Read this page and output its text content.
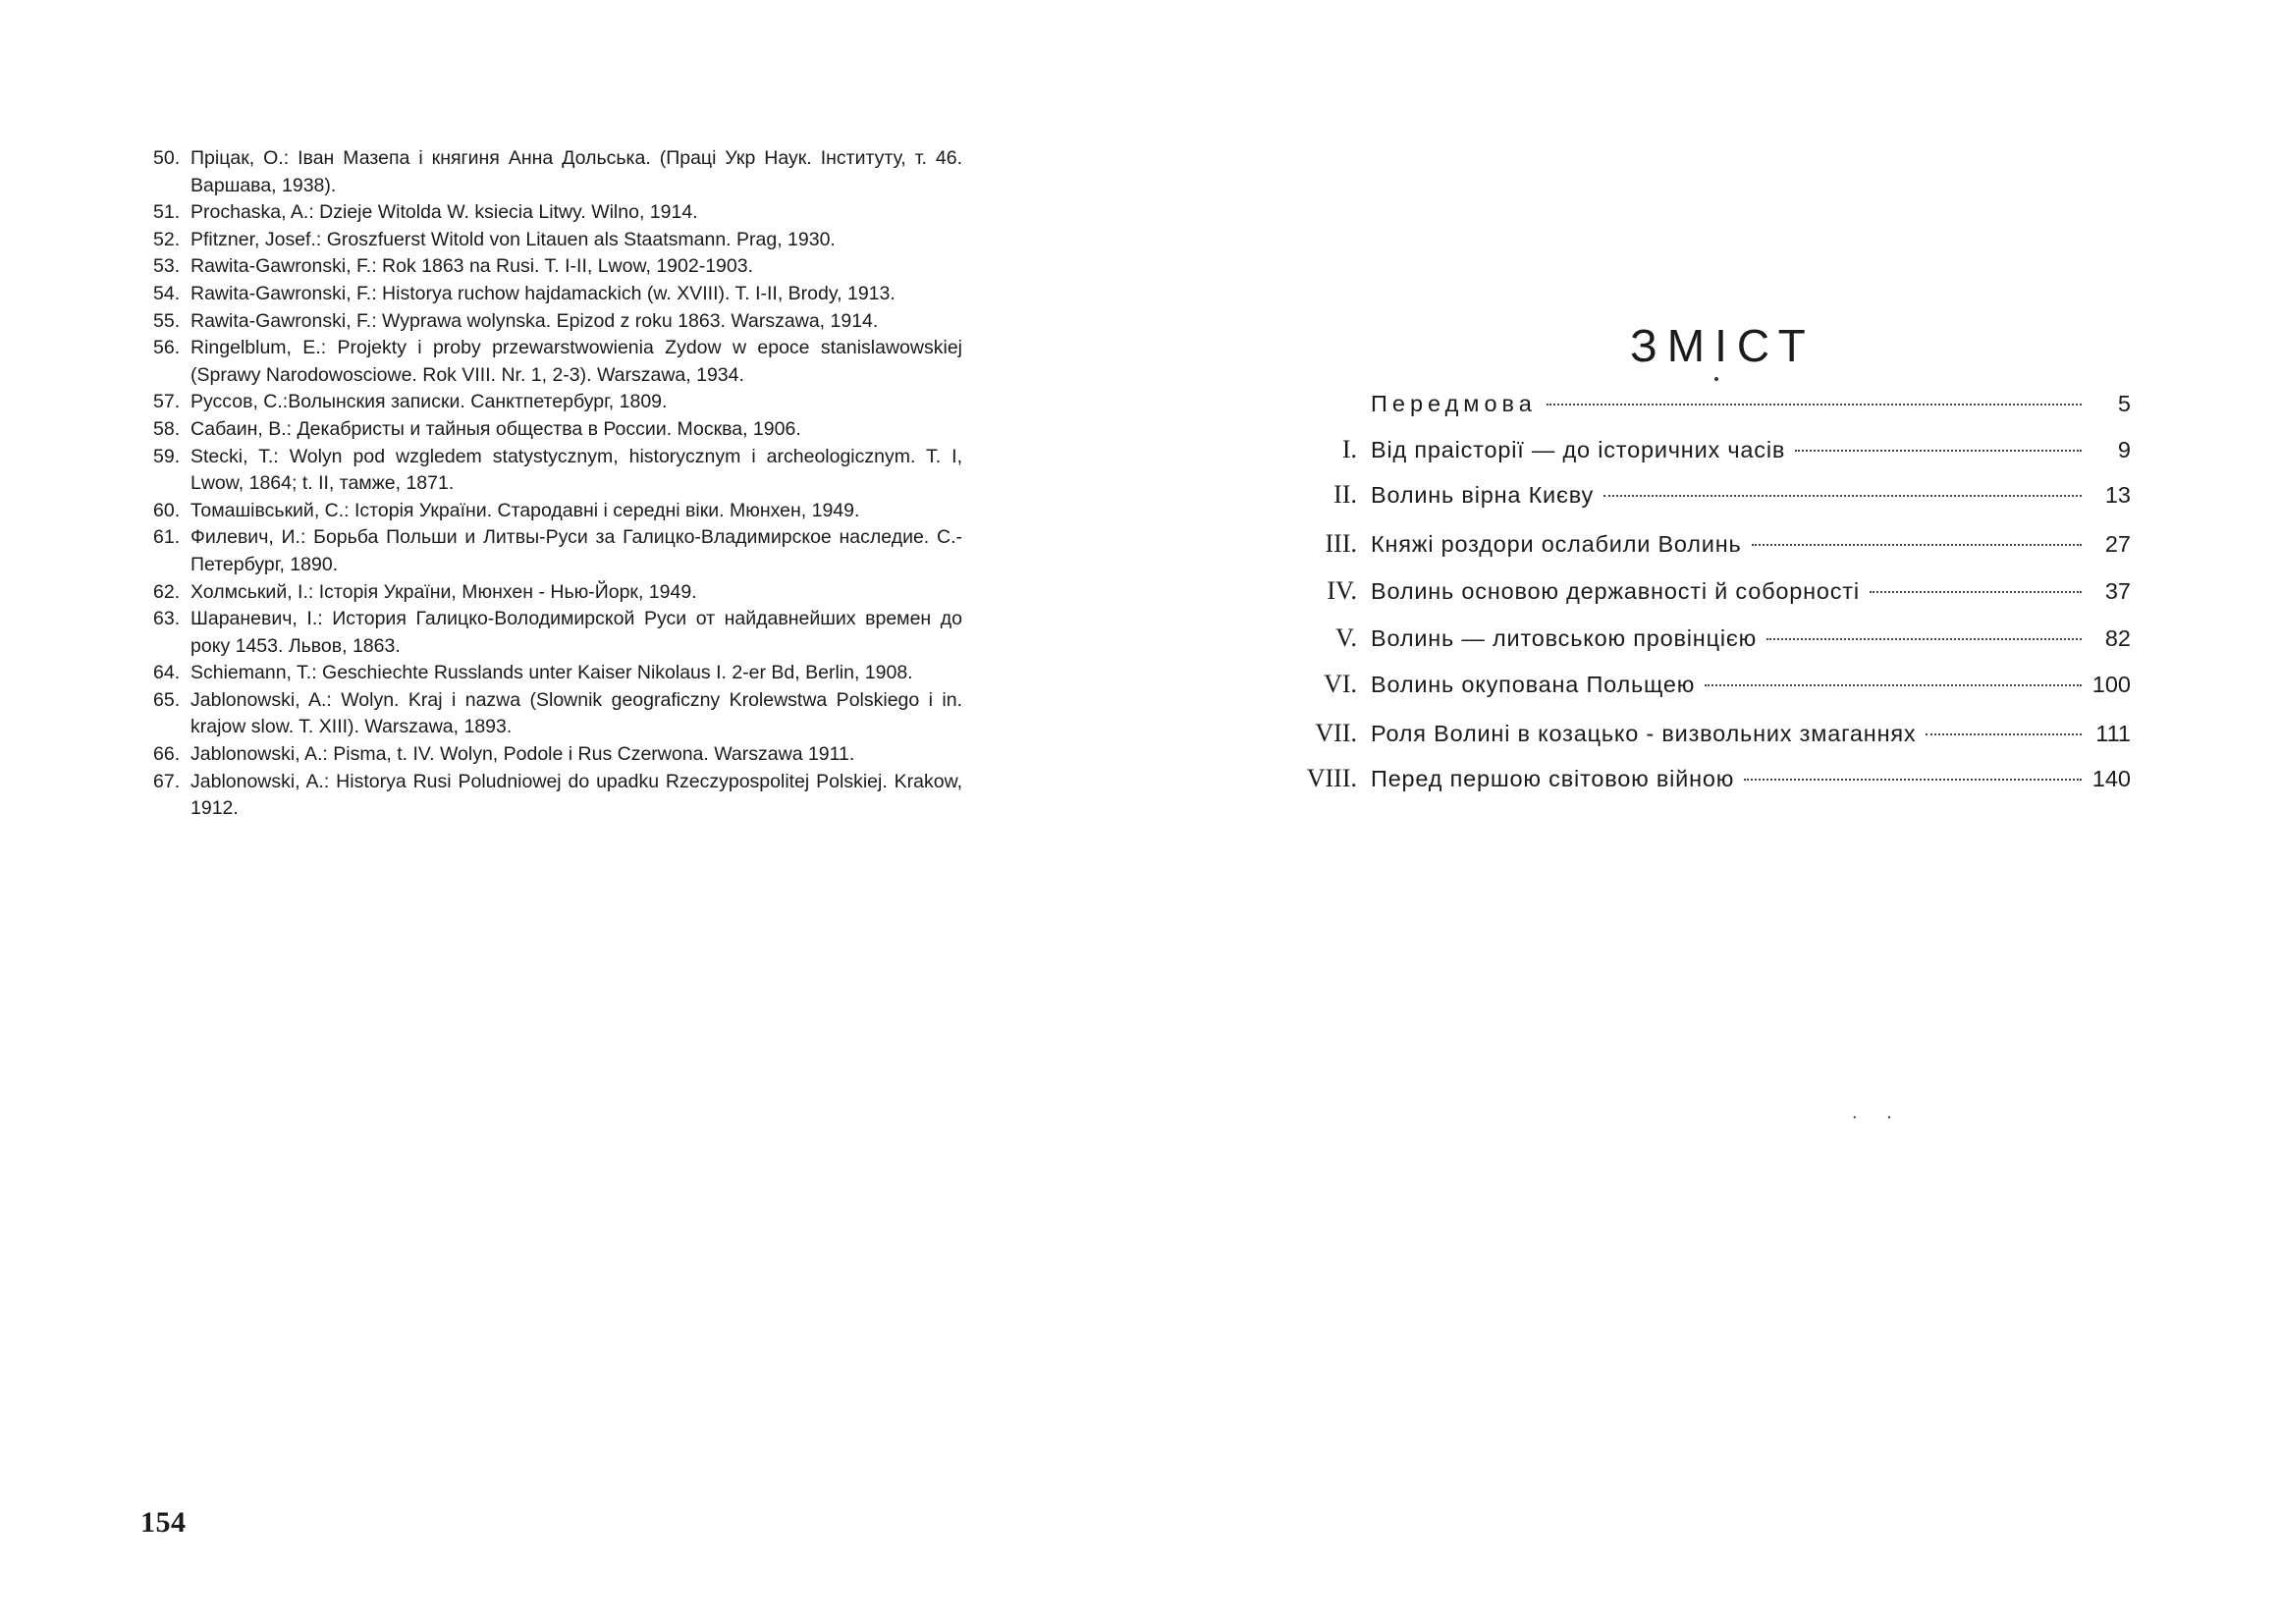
50. Пріцак, О.: Іван Мазепа і княгиня Анна Дольська. (Праці Укр Наук. Інституту, т. 46. Варшава, 1938).
51. Prochaska, A.: Dzieje Witolda W. ksiecia Litwy. Wilno, 1914.
52. Pfitzner, Josef.: Groszfuerst Witold von Litauen als Staatsmann. Prag, 1930.
53. Rawita-Gawronski, F.: Rok 1863 na Rusi. T. I-II, Lwow, 1902-1903.
54. Rawita-Gawronski, F.: Historya ruchow hajdamackich (w. XVIII). T. I-II, Brody, 1913.
55. Rawita-Gawronski, F.: Wyprawa wolynska. Epizod z roku 1863. Warszawa, 1914.
56. Ringelblum, E.: Projekty i proby przewarstwowienia Zydow w epoce stanislawowskiej (Sprawy Narodowosciowe. Rok VIII. Nr. 1, 2-3). Warszawa, 1934.
57. Руссов, С.:Волынския записки. Санктпетербург, 1809.
58. Сабаин, В.: Декабристы и тайныя общества в России. Москва, 1906.
59. Stecki, T.: Wolyn pod wzgledem statystycznym, historycznym i archeologicznym. T. I, Lwow, 1864; t. II, тамже, 1871.
60. Томашівський, С.: Історія України. Стародавні і середні віки. Мюнхен, 1949.
61. Филевич, И.: Борьба Польши и Литвы-Руси за Галицко-Владимирское наследие. С.-Петербург, 1890.
62. Холмський, І.: Історія України, Мюнхен - Нью-Йорк, 1949.
63. Шараневич, І.: История Галицко-Володимирской Руси от найдавнейших времен до року 1453. Львов, 1863.
64. Schiemann, T.: Geschiechte Russlands unter Kaiser Nikolaus I. 2-er Bd, Berlin, 1908.
65. Jablonowski, A.: Wolyn. Kraj i nazwa (Slownik geograficzny Krolewstwa Polskiego i in. krajow slow. T. XIII). Warszawa, 1893.
66. Jablonowski, A.: Pisma, t. IV. Wolyn, Podole i Rus Czerwona. Warszawa 1911.
67. Jablonowski, A.: Historya Rusi Poludniowej do upadku Rzeczypospolitej Polskiej. Krakow, 1912.
154
ЗМІСТ
Передмова	5
I. Від праісторії — до історичних часів	9
II. Волинь вірна Києву	13
III. Княжі роздори ослабили Волинь	27
IV. Волинь основою державності й соборності	37
V. Волинь — литовською провінцією	82
VI. Волинь окупована Польщею	100
VII. Роля Волині в козацько - визвольних змаганнях	111
VIII. Перед першою світовою війною	140
. .
